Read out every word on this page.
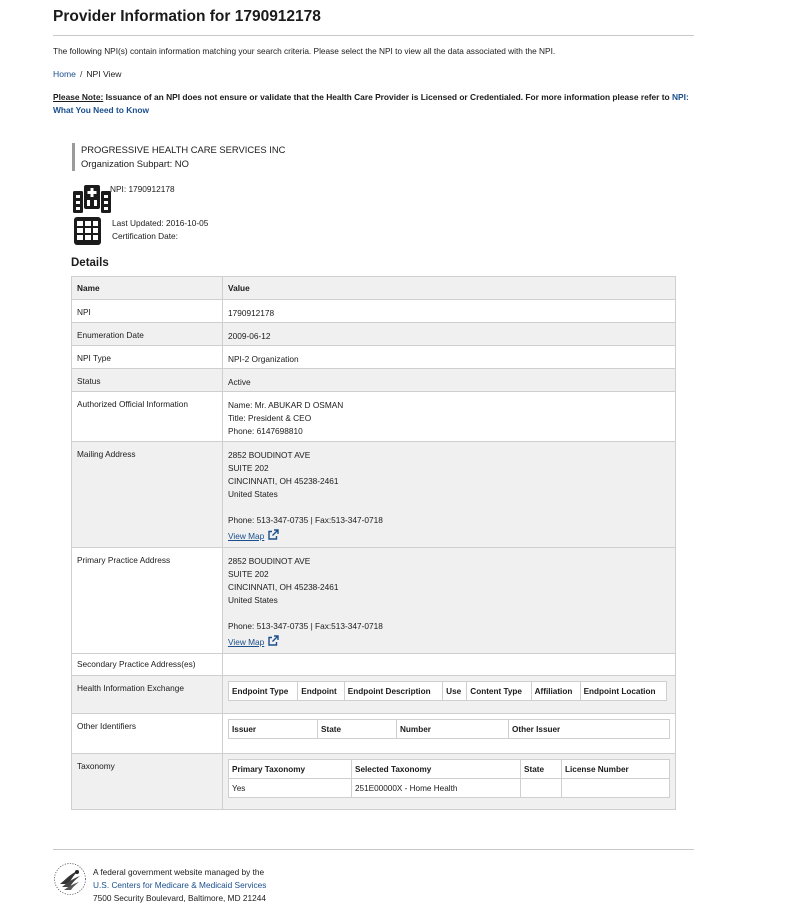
Provider Information for 1790912178
The following NPI(s) contain information matching your search criteria. Please select the NPI to view all the data associated with the NPI.
Home / NPI View
Please Note: Issuance of an NPI does not ensure or validate that the Health Care Provider is Licensed or Credentialed. For more information please refer to NPI: What You Need to Know
PROGRESSIVE HEALTH CARE SERVICES INC
Organization Subpart: NO
NPI: 1790912178
Last Updated: 2016-10-05
Certification Date:
Details
Name	Value
NPI	1790912178
Enumeration Date	2009-06-12
NPI Type	NPI-2 Organization
Status	Active
Authorized Official Information	Name: Mr. ABUKAR D OSMAN
Title: President & CEO
Phone: 6147698810

Mailing Address	2852 BOUDINOT AVE
SUITE 202
CINCINNATI, OH 45238-2461
United States
Phone: 513-347-0735 | Fax:513-347-0718
View Map

Primary Practice Address	2852 BOUDINOT AVE
SUITE 202
CINCINNATI, OH 45238-2461
United States
Phone: 513-347-0735 | Fax:513-347-0718
View Map

Secondary Practice Address(es)	
Health Information Exchange		Endpoint Type	Endpoint	Endpoint Description	Use	Content Type	Affiliation	Endpoint Location

Other Identifiers		Issuer	State	Number	Other Issuer

Taxonomy		Primary Taxonomy	Selected Taxonomy	State	License Number
Yes	251E00000X - Home Health		
A federal government website managed by the
U.S. Centers for Medicare & Medicaid Services
7500 Security Boulevard, Baltimore, MD 21244
